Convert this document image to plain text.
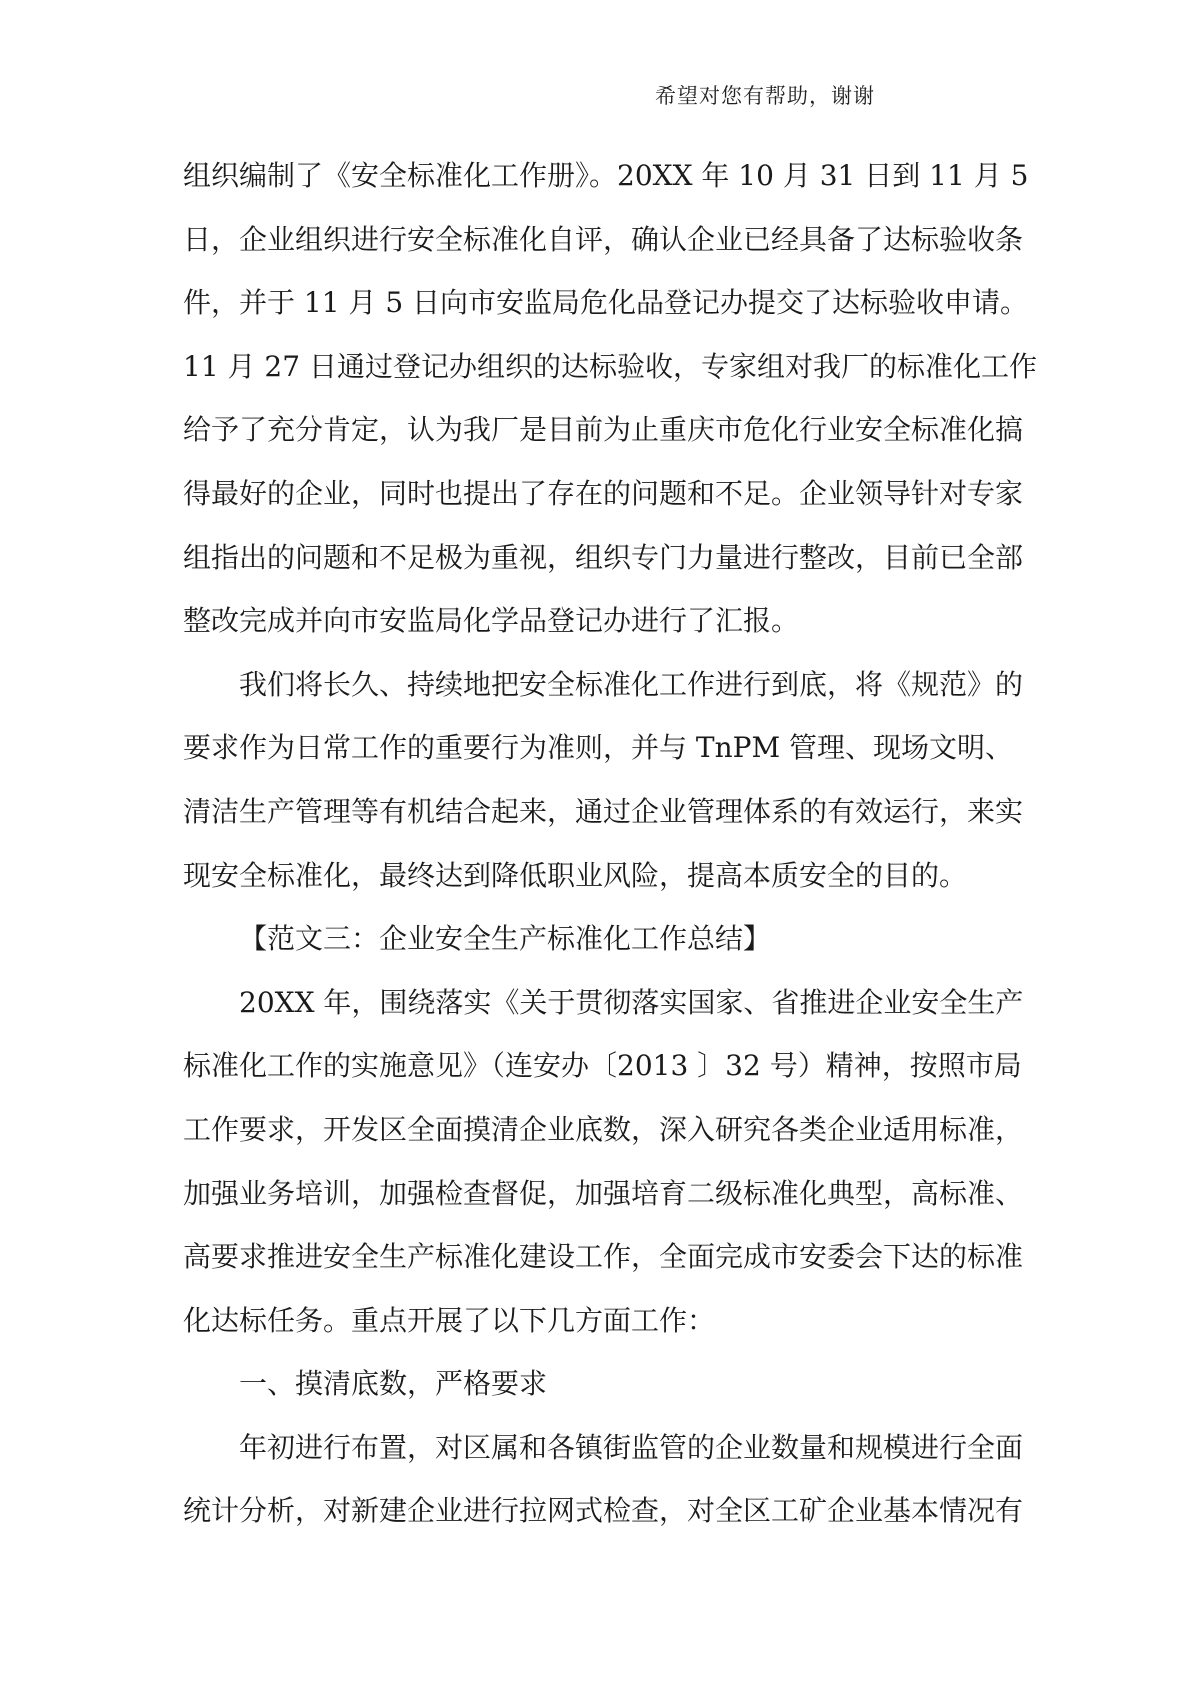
希望对您有帮助，谢谢
组织编制了《安全标准化工作册》。20XX 年 10 月 31 日到 11 月 5
日，企业组织进行安全标准化自评，确认企业已经具备了达标验收条
件，并于 11 月 5 日向市安监局危化品登记办提交了达标验收申请。
11 月 27 日通过登记办组织的达标验收，专家组对我厂的标准化工作
给予了充分肯定，认为我厂是目前为止重庆市危化行业安全标准化搞
得最好的企业，同时也提出了存在的问题和不足。企业领导针对专家
组指出的问题和不足极为重视，组织专门力量进行整改，目前已全部
整改完成并向市安监局化学品登记办进行了汇报。
我们将长久、持续地把安全标准化工作进行到底，将《规范》的
要求作为日常工作的重要行为准则，并与 TnPM 管理、现场文明、
清洁生产管理等有机结合起来，通过企业管理体系的有效运行，来实
现安全标准化，最终达到降低职业风险，提高本质安全的目的。
【范文三：企业安全生产标准化工作总结】
20XX 年，围绕落实《关于贯彻落实国家、省推进企业安全生产
标准化工作的实施意见》（连安办〔2013 〕32 号）精神，按照市局
工作要求，开发区全面摸清企业底数，深入研究各类企业适用标准，
加强业务培训，加强检查督促，加强培育二级标准化典型，高标准、
高要求推进安全生产标准化建设工作，全面完成市安委会下达的标准
化达标任务。重点开展了以下几方面工作：
一、摸清底数，严格要求
年初进行布置，对区属和各镇街监管的企业数量和规模进行全面
统计分析，对新建企业进行拉网式检查，对全区工矿企业基本情况有
